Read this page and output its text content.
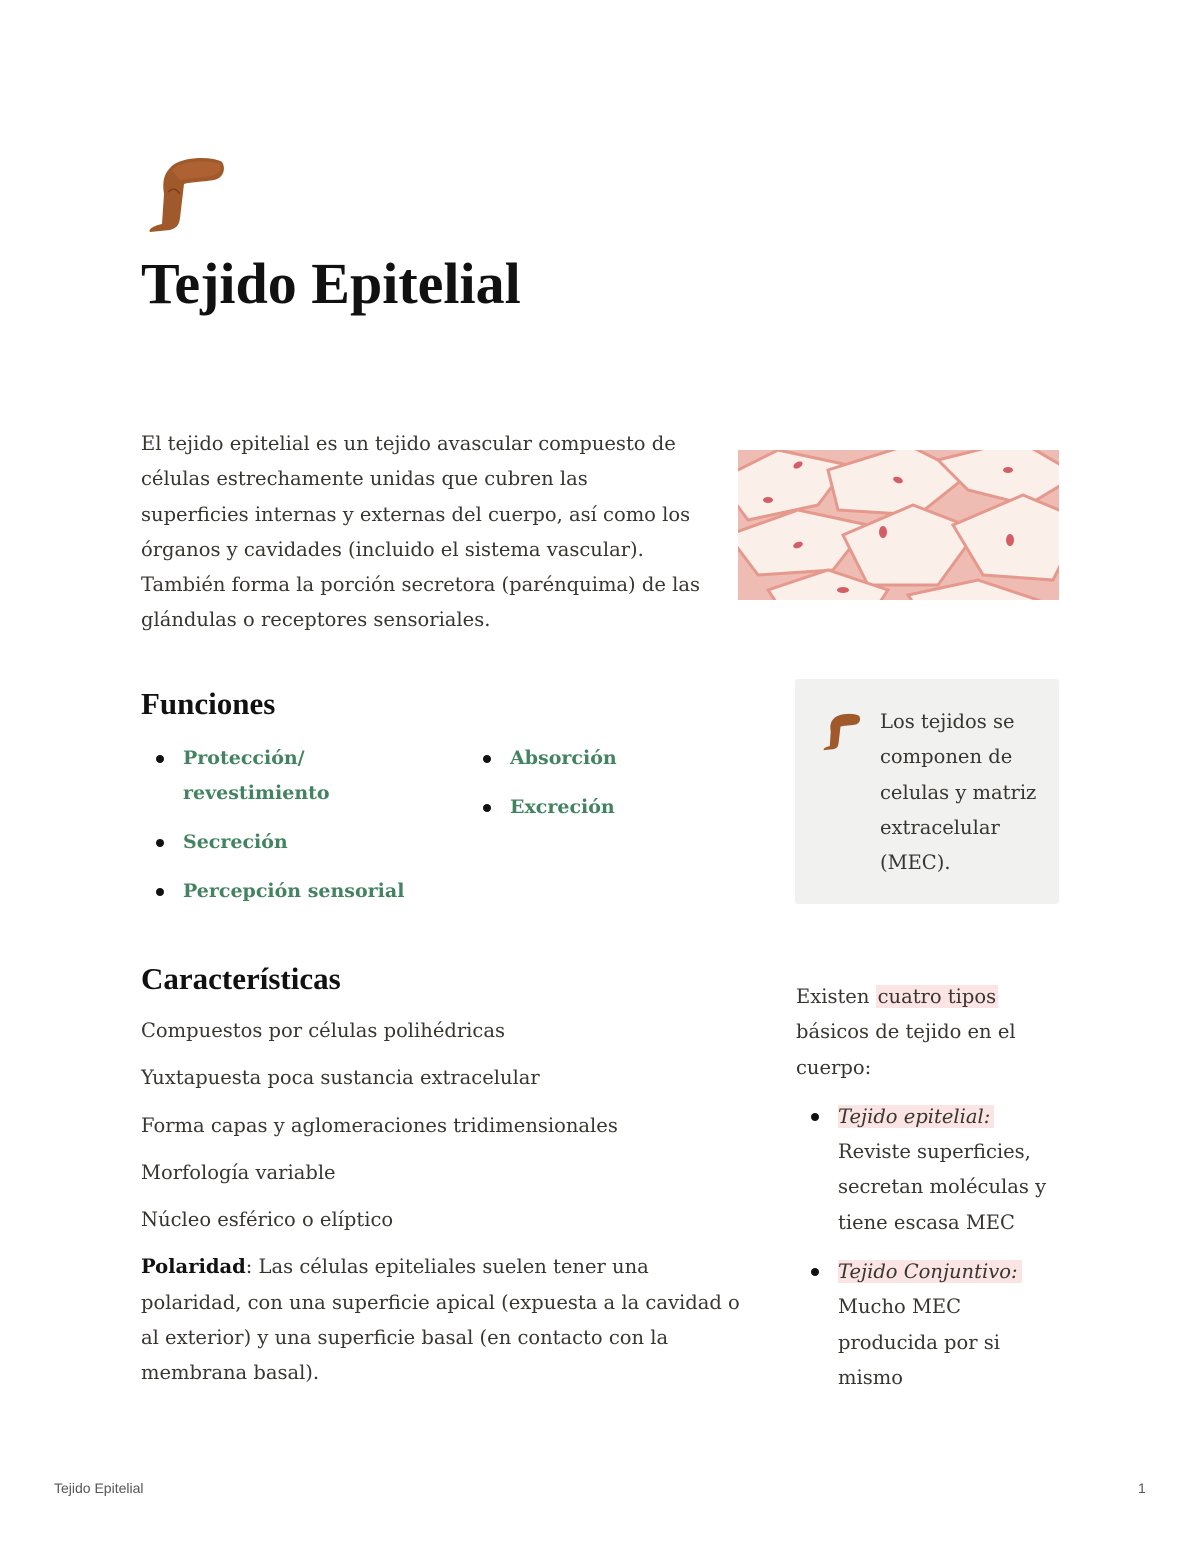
Tejido Epitelial

El tejido epitelial es un tejido avascular compuesto de células estrechamente unidas que cubren las superficies internas y externas del cuerpo, así como los órganos y cavidades (incluido el sistema vascular). También forma la porción secretora (parénquima) de las glándulas o receptores sensoriales.

Funciones
Protección/ revestimiento
Secreción
Percepción sensorial
Absorción
Excreción

Los tejidos se componen de celulas y matriz extracelular (MEC).

Características

Compuestos por células polihédricas

Yuxtapuesta poca sustancia extracelular

Forma capas y aglomeraciones tridimensionales

Morfología variable

Núcleo esférico o elíptico

Polaridad: Las células epiteliales suelen tener una polaridad, con una superficie apical (expuesta a la cavidad o al exterior) y una superficie basal (en contacto con la membrana basal).

Existen cuatro tipos básicos de tejido en el cuerpo:

Tejido epitelial: Reviste superficies, secretan moléculas y tiene escasa MEC
Tejido Conjuntivo: Mucho MEC producida por si mismo
Tejido Epitelial	1
